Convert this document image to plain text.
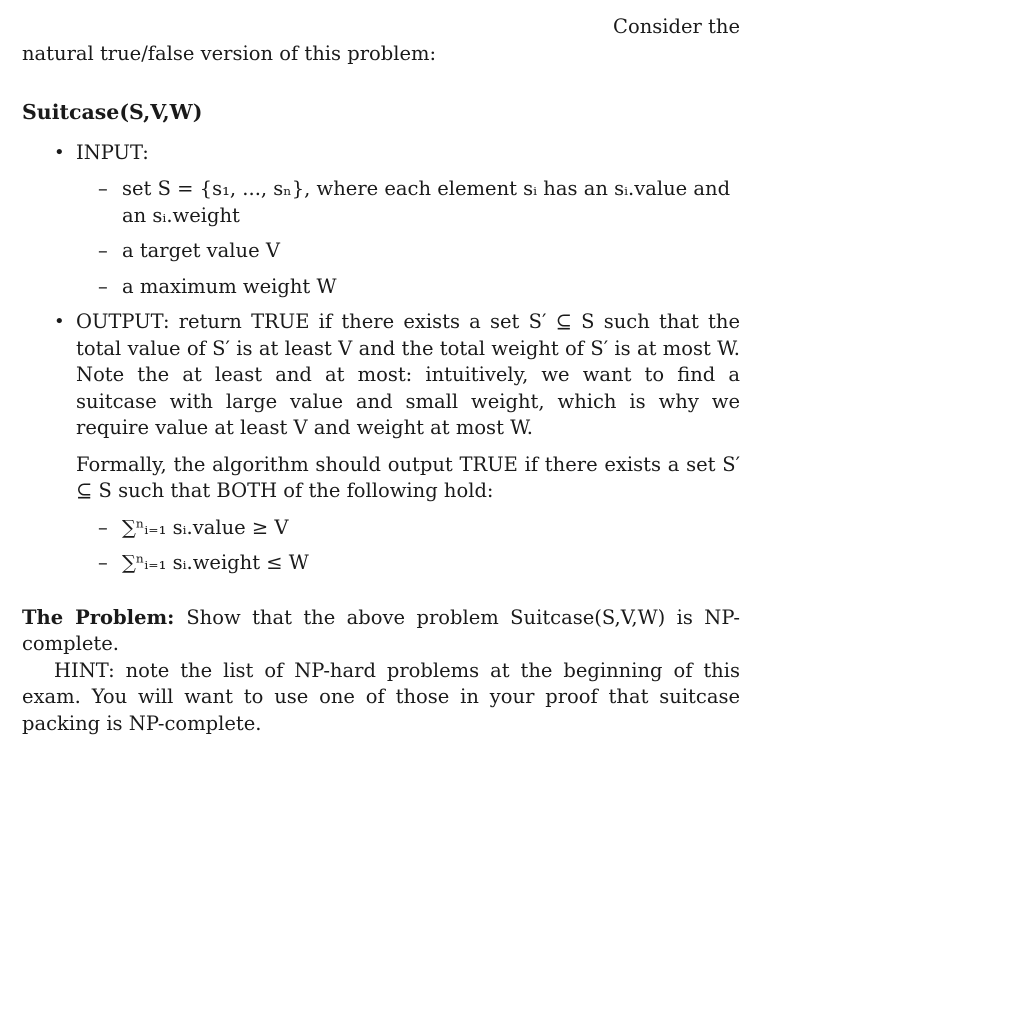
Consider the
natural true/false version of this problem:
Suitcase(S,V,W)
• INPUT:
– set S = {s₁, ..., sₙ}, where each element sᵢ has an sᵢ.value and an sᵢ.weight
– a target value V
– a maximum weight W
• OUTPUT: return TRUE if there exists a set S′ ⊆ S such that the total value of S′ is at least V and the total weight of S′ is at most W. Note the at least and at most: intuitively, we want to find a suitcase with large value and small weight, which is why we require value at least V and weight at most W.
Formally, the algorithm should output TRUE if there exists a set S′ ⊆ S such that BOTH of the following hold:
– ∑ⁿᵢ₌₁ sᵢ.value ≥ V
– ∑ⁿᵢ₌₁ sᵢ.weight ≤ W
The Problem: Show that the above problem Suitcase(S,V,W) is NP-complete.
HINT: note the list of NP-hard problems at the beginning of this exam. You will want to use one of those in your proof that suitcase packing is NP-complete.
